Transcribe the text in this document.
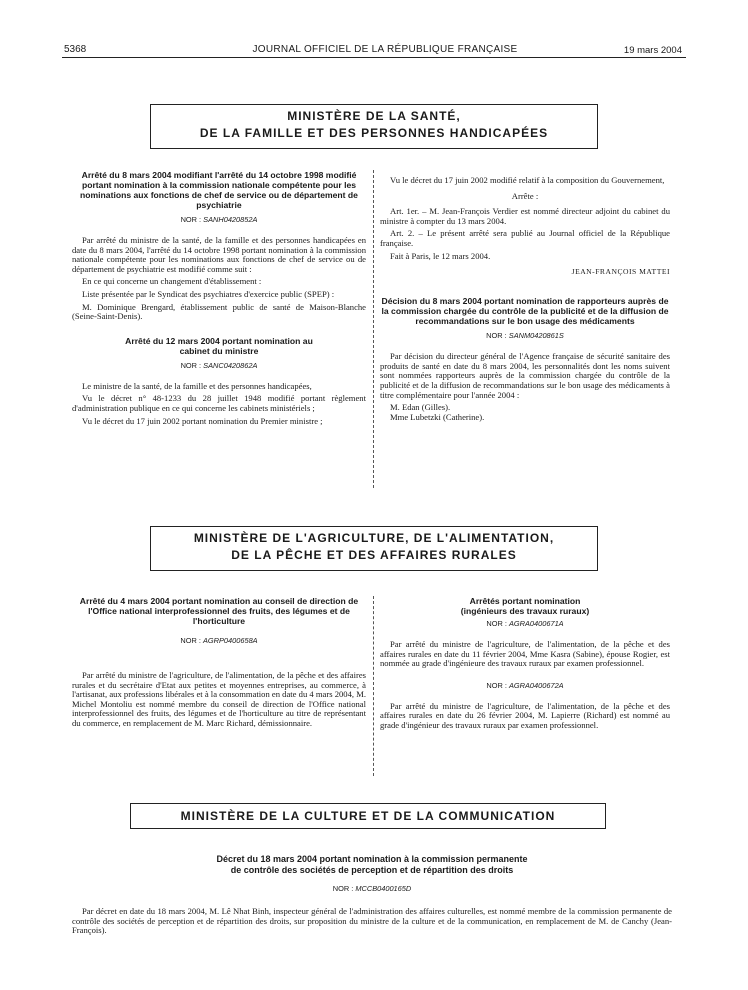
5368	JOURNAL OFFICIEL DE LA RÉPUBLIQUE FRANÇAISE	19 mars 2004
MINISTÈRE DE LA SANTÉ,
DE LA FAMILLE ET DES PERSONNES HANDICAPÉES
Arrêté du 8 mars 2004 modifiant l'arrêté du 14 octobre 1998 modifié portant nomination à la commission nationale compétente pour les nominations aux fonctions de chef de service ou de département de psychiatrie
NOR : SANH0420852A

Par arrêté du ministre de la santé, de la famille et des personnes handicapées en date du 8 mars 2004, l'arrêté du 14 octobre 1998 portant nomination à la commission nationale compétente pour les nominations aux fonctions de chef de service ou de département de psychiatrie est modifié comme suit :

En ce qui concerne un changement d'établissement :

Liste présentée par le Syndicat des psychiatres d'exercice public (SPEP) :

M. Dominique Brengard, établissement public de santé de Maison-Blanche (Seine-Saint-Denis).

Arrêté du 12 mars 2004 portant nomination au cabinet du ministre
NOR : SANC0420862A

Le ministre de la santé, de la famille et des personnes handicapées,

Vu le décret n° 48-1233 du 28 juillet 1948 modifié portant règlement d'administration publique en ce qui concerne les cabinets ministériels ;

Vu le décret du 17 juin 2002 portant nomination du Premier ministre ;

Vu le décret du 17 juin 2002 modifié relatif à la composition du Gouvernement,

Arrête :

Art. 1er. – M. Jean-François Verdier est nommé directeur adjoint du cabinet du ministre à compter du 13 mars 2004.

Art. 2. – Le présent arrêté sera publié au Journal officiel de la République française.

Fait à Paris, le 12 mars 2004.

JEAN-FRANÇOIS MATTEI
Décision du 8 mars 2004 portant nomination de rapporteurs auprès de la commission chargée du contrôle de la publicité et de la diffusion de recommandations sur le bon usage des médicaments
NOR : SANM0420861S

Par décision du directeur général de l'Agence française de sécurité sanitaire des produits de santé en date du 8 mars 2004, les personnalités dont les noms suivent sont nommées rapporteurs auprès de la commission chargée du contrôle de la publicité et de la diffusion de recommandations sur le bon usage des médicaments à titre complémentaire pour l'année 2004 :

M. Edan (Gilles).

Mme Lubetzki (Catherine).

MINISTÈRE DE L'AGRICULTURE, DE L'ALIMENTATION,
DE LA PÊCHE ET DES AFFAIRES RURALES
Arrêté du 4 mars 2004 portant nomination au conseil de direction de l'Office national interprofessionnel des fruits, des légumes et de l'horticulture
NOR : AGRP0400658A

Par arrêté du ministre de l'agriculture, de l'alimentation, de la pêche et des affaires rurales et du secrétaire d'Etat aux petites et moyennes entreprises, au commerce, à l'artisanat, aux professions libérales et à la consommation en date du 4 mars 2004, M. Michel Montoliu est nommé membre du conseil de direction de l'Office national interprofessionnel des fruits, des légumes et de l'horticulture au titre de représentant du commerce, en remplacement de M. Marc Richard, démissionnaire.

Arrêtés portant nomination
(ingénieurs des travaux ruraux)
NOR : AGRA0400671A

Par arrêté du ministre de l'agriculture, de l'alimentation, de la pêche et des affaires rurales en date du 11 février 2004, Mme Kasra (Sabine), épouse Rogier, est nommée au grade d'ingénieure des travaux ruraux par examen professionnel.

NOR : AGRA0400672A

Par arrêté du ministre de l'agriculture, de l'alimentation, de la pêche et des affaires rurales en date du 26 février 2004, M. Lapierre (Richard) est nommé au grade d'ingénieur des travaux ruraux par examen professionnel.

MINISTÈRE DE LA CULTURE ET DE LA COMMUNICATION
Décret du 18 mars 2004 portant nomination à la commission permanente
de contrôle des sociétés de perception et de répartition des droits
NOR : MCCB0400165D

Par décret en date du 18 mars 2004, M. Lê Nhat Binh, inspecteur général de l'administration des affaires culturelles, est nommé membre de la commission permanente de contrôle des sociétés de perception et de répartition des droits, sur proposition du ministre de la culture et de la communication, en remplacement de M. de Canchy (Jean-François).
